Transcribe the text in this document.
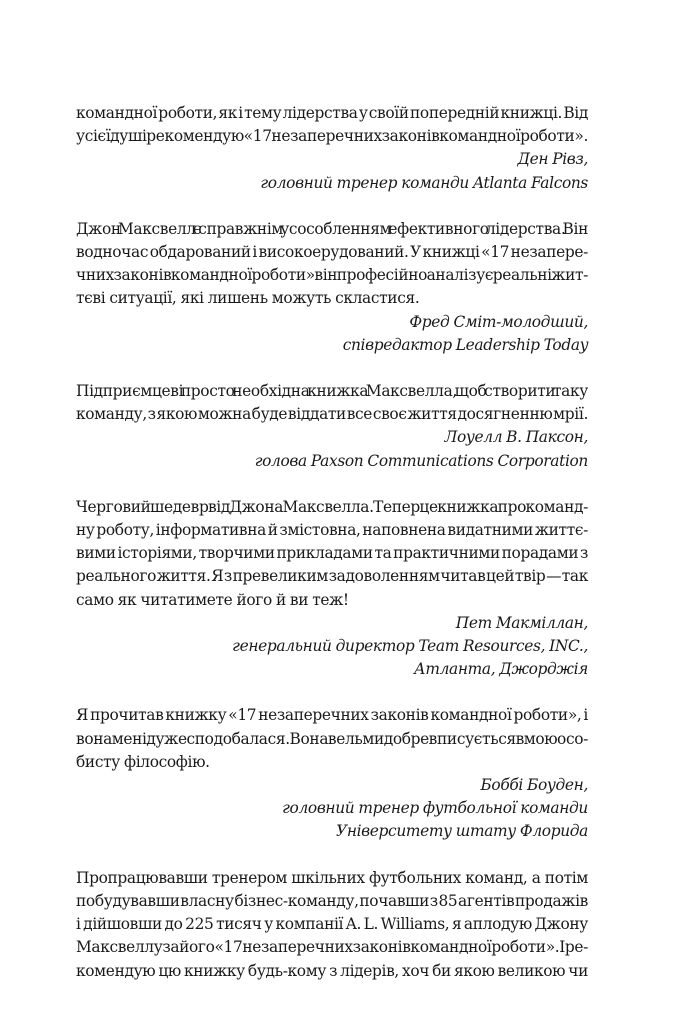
командної роботи, як і тему лідерства у своїй попередній книжці. Від
усієї душі рекомендую «17 незаперечних законів командної роботи».
Ден Рівз,
головний тренер команди Atlanta Falcons
Джон Максвелл є справжнім усособленням ефективного лідерства. Він
водночас обдарований і високоерудований. У книжці «17 незапере-
чних законів командної роботи» він професійно аналізує реальні жит-
тєві ситуації, які лишень можуть скластися.
Фред Сміт-молодший,
співредактор Leadership Today
Підприємцеві просто необхідна книжка Максвелла, щоб створити таку
команду, з якою можна буде віддати все своє життя досягненню мрії.
Лоуелл В. Паксон,
голова Paxson Communications Corporation
Черговий шедевр від Джона Максвелла. Тепер це книжка про команд-
ну роботу, інформативна й змістовна, наповнена видатними життє-
вими історіями, творчими прикладами та практичними порадами з
реального життя. Я з превеликим задоволенням читав цей твір — так
само як читатимете його й ви теж!
Пет Макміллан,
генеральний директор Team Resources, INC.,
Атланта, Джорджія
Я прочитав книжку «17 незаперечних законів командної роботи», і
вона мені дуже сподобалася. Вона вельми добре вписується в мою осо-
бисту філософію.
Боббі Боуден,
головний тренер футбольної команди
Університету штату Флорида
Пропрацювавши тренером шкільних футбольних команд, а потім
побудувавши власну бізнес-команду, почавши з 85 агентів продажів
і дійшовши до 225 тисяч у компанії A. L. Williams, я аплодую Джону
Максвеллу за його «17 незаперечних законів командної роботи». І ре-
комендую цю книжку будь-кому з лідерів, хоч би якою великою чи
